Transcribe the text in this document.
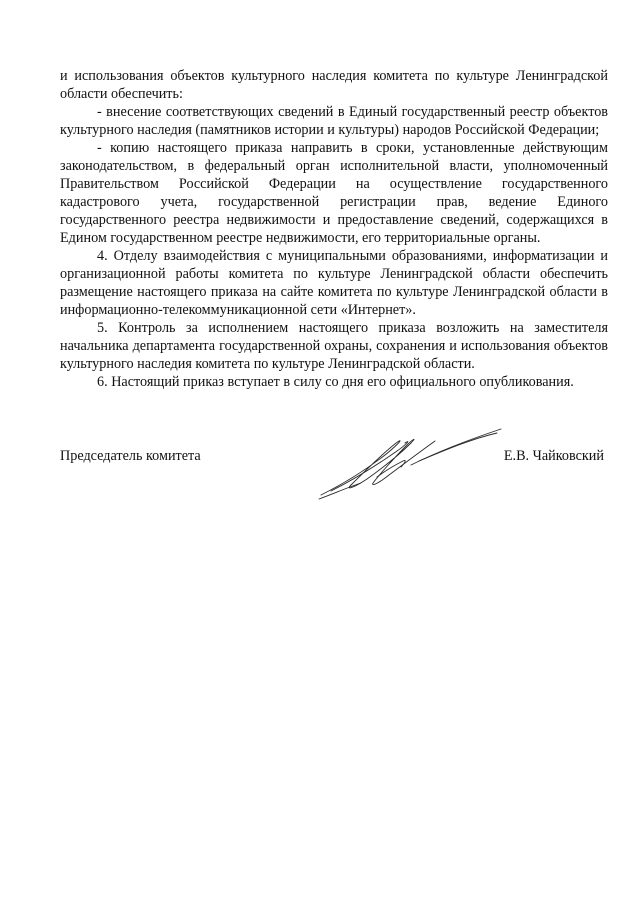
и использования объектов культурного наследия комитета по культуре Ленинградской области обеспечить:

- внесение соответствующих сведений в Единый государственный реестр объектов культурного наследия (памятников истории и культуры) народов Российской Федерации;

- копию настоящего приказа направить в сроки, установленные действующим законодательством, в федеральный орган исполнительной власти, уполномоченный Правительством Российской Федерации на осуществление государственного кадастрового учета, государственной регистрации прав, ведение Единого государственного реестра недвижимости и предоставление сведений, содержащихся в Едином государственном реестре недвижимости, его территориальные органы.

4. Отделу взаимодействия с муниципальными образованиями, информатизации и организационной работы комитета по культуре Ленинградской области обеспечить размещение настоящего приказа на сайте комитета по культуре Ленинградской области в информационно-телекоммуникационной сети «Интернет».

5. Контроль за исполнением настоящего приказа возложить на заместителя начальника департамента государственной охраны, сохранения и использования объектов культурного наследия комитета по культуре Ленинградской области.

6. Настоящий приказ вступает в силу со дня его официального опубликования.

Председатель комитета	Е.В. Чайковский
